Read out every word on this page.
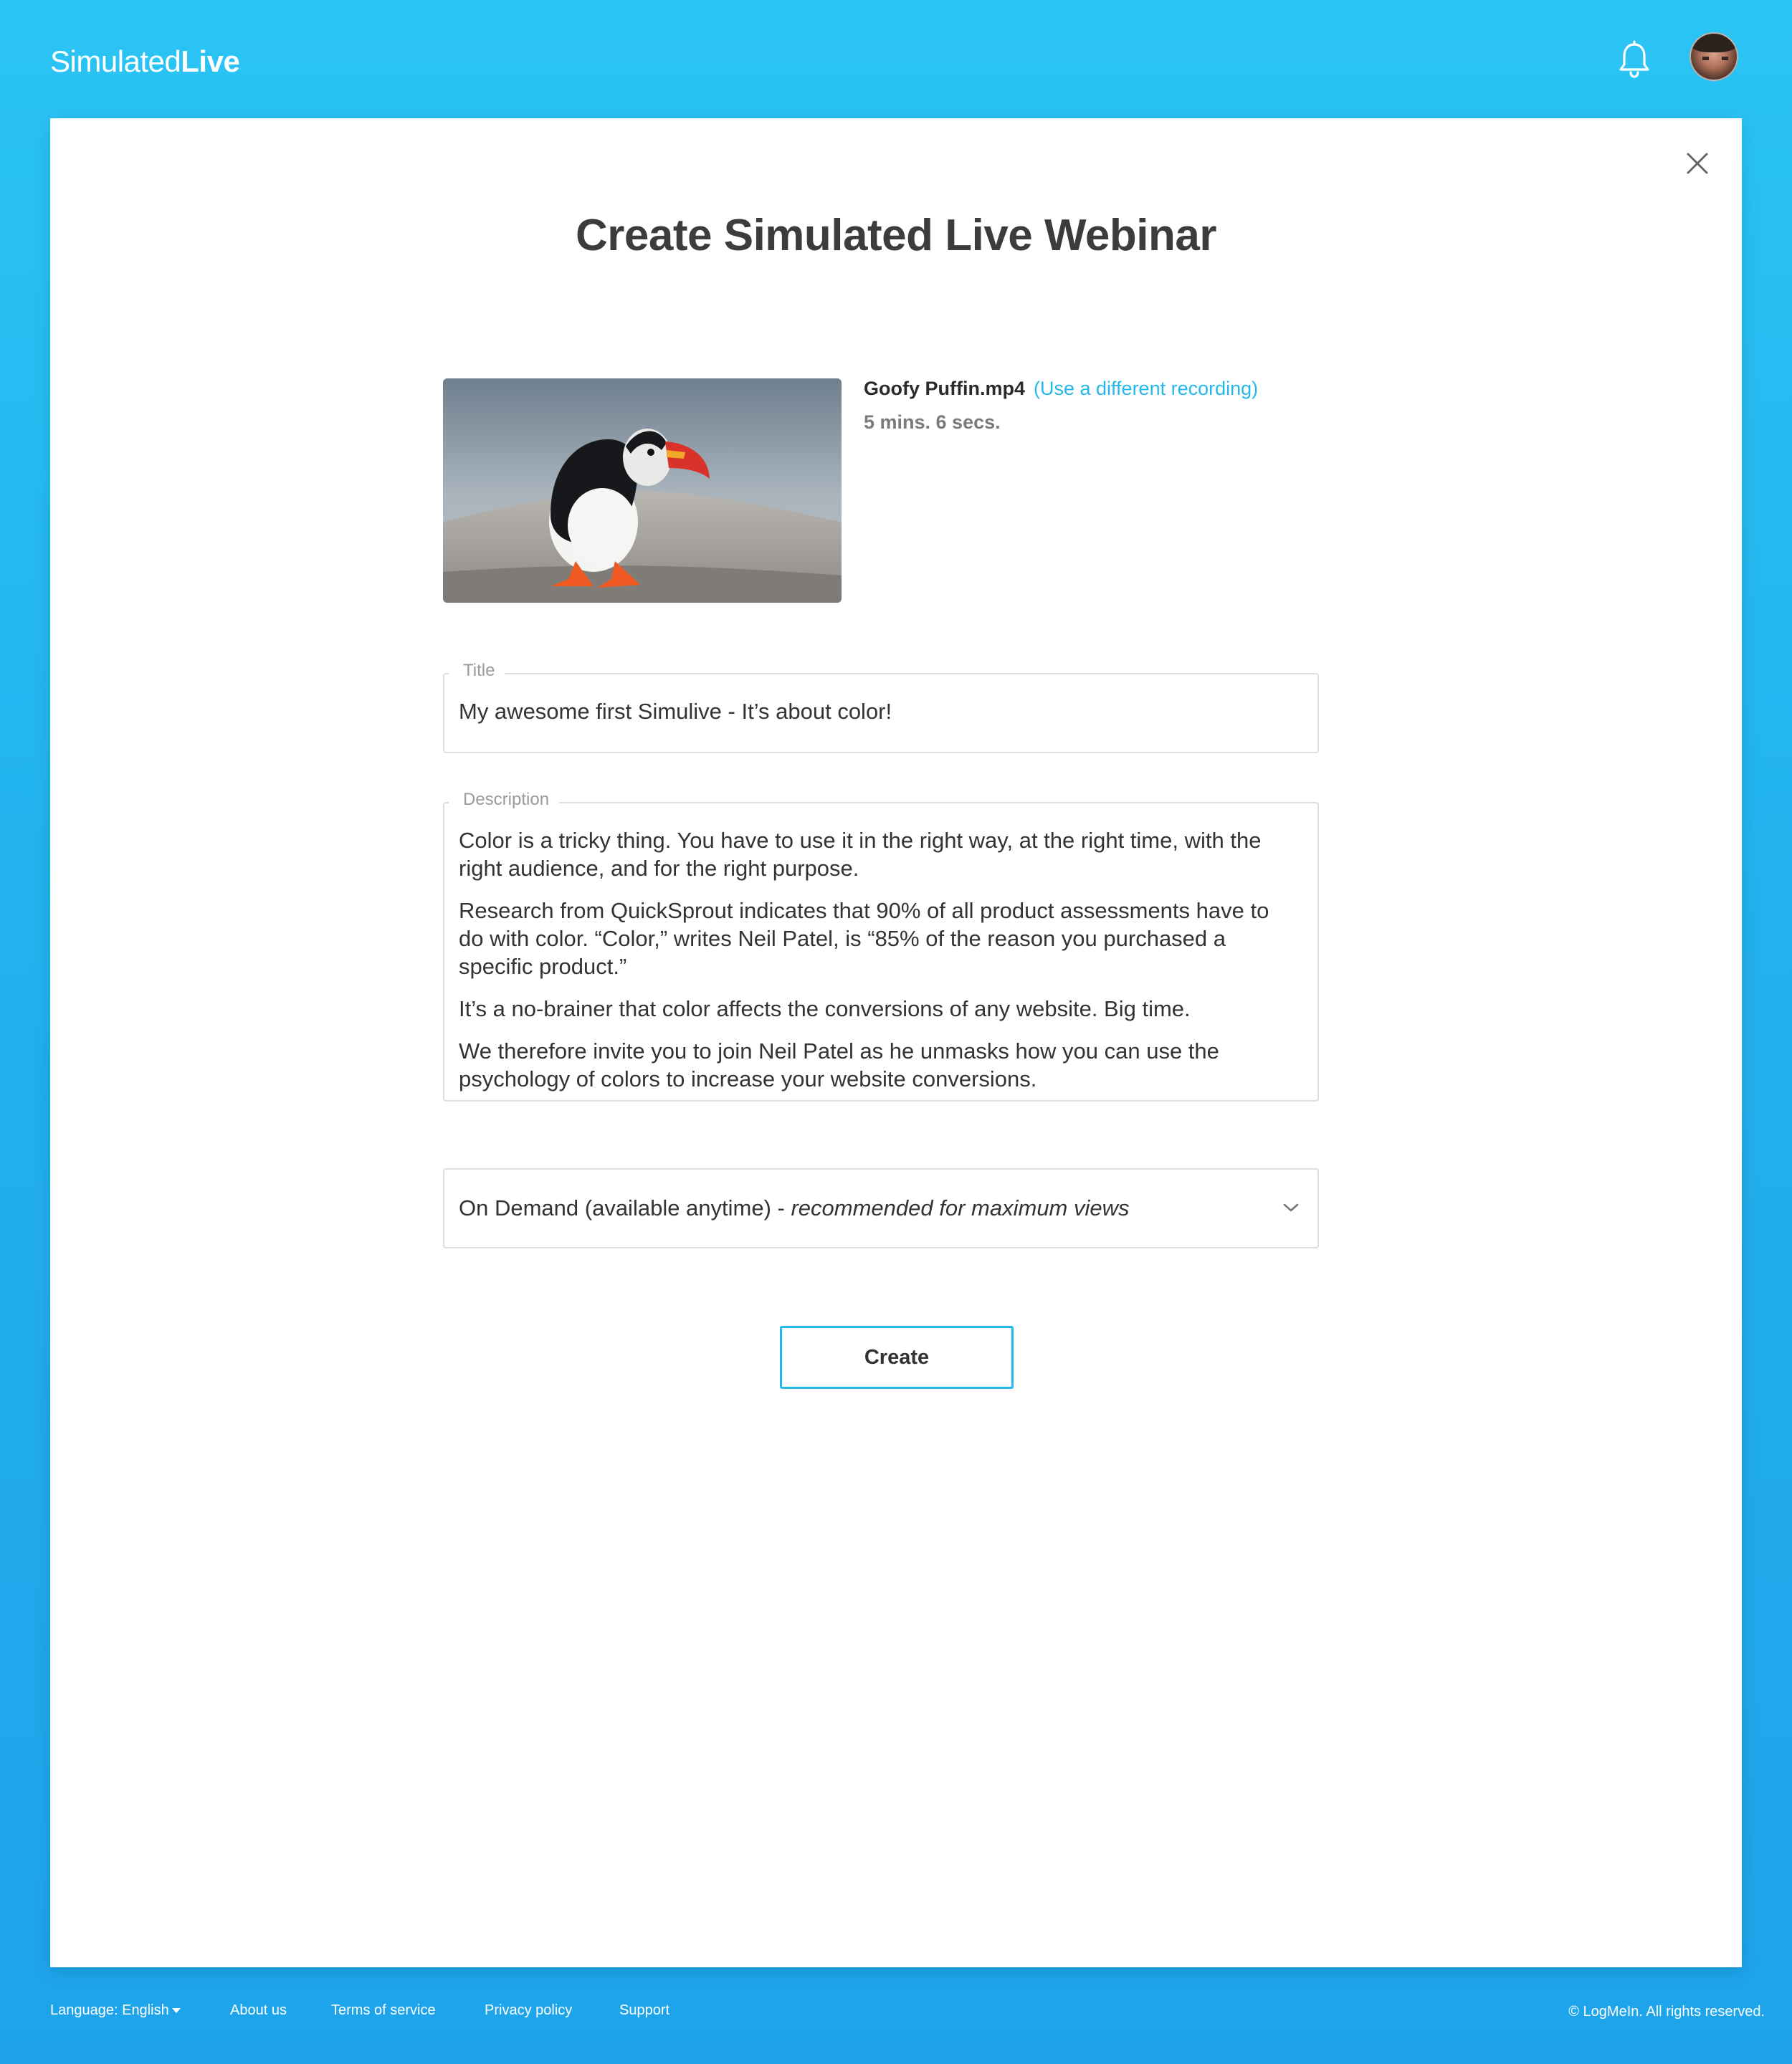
SimulatedLive
Create Simulated Live Webinar
Goofy Puffin.mp4 (Use a different recording)
5 mins. 6 secs.
Title
My awesome first Simulive - It’s about color!
Description

Color is a tricky thing. You have to use it in the right way, at the right time, with the right audience, and for the right purpose.

Research from QuickSprout indicates that 90% of all product assessments have to do with color. “Color,” writes Neil Patel, is “85% of the reason you purchased a specific product.”

It’s a no-brainer that color affects the conversions of any website. Big time.

We therefore invite you to join Neil Patel as he unmasks how you can use the psychology of colors to increase your website conversions.

On Demand (available anytime) - recommended for maximum views
Create
Language: English	About us	Terms of service	Privacy policy	Support	© LogMeIn. All rights reserved.
